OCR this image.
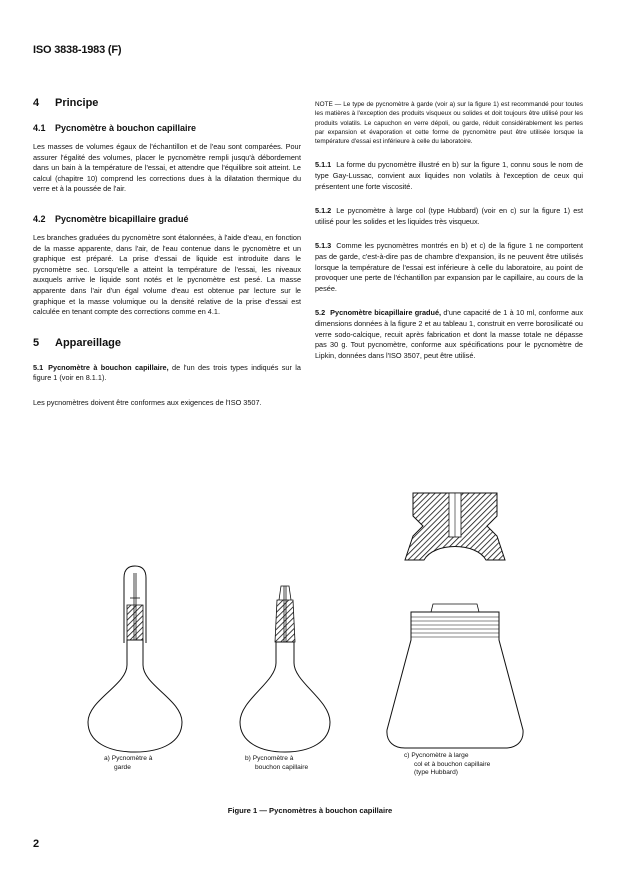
ISO 3838-1983 (F)
4 Principe
4.1 Pycnomètre à bouchon capillaire

Les masses de volumes égaux de l'échantillon et de l'eau sont comparées. Pour assurer l'égalité des volumes, placer le pycnomètre rempli jusqu'à débordement dans un bain à la température de l'essai, et attendre que l'équilibre soit atteint. Le calcul (chapitre 10) comprend les corrections dues à la dilatation thermique du verre et à la poussée de l'air.

4.2 Pycnomètre bicapillaire gradué

Les branches graduées du pycnomètre sont étalonnées, à l'aide d'eau, en fonction de la masse apparente, dans l'air, de l'eau contenue dans le pycnomètre et un graphique est préparé. La prise d'essai de liquide est introduite dans le pycnomètre sec. Lorsqu'elle a atteint la température de l'essai, les niveaux auxquels arrive le liquide sont notés et le pycnomètre est pesé. La masse apparente dans l'air d'un égal volume d'eau est obtenue par lecture sur le graphique et la masse volumique ou la densité relative de la prise d'essai est calculée en tenant compte des corrections comme en 4.1.

5 Appareillage

5.1 Pycnomètre à bouchon capillaire, de l'un des trois types indiqués sur la figure 1 (voir en 8.1.1).

Les pycnomètres doivent être conformes aux exigences de l'ISO 3507.

NOTE — Le type de pycnomètre à garde (voir a) sur la figure 1) est recommandé pour toutes les matières à l'exception des produits visqueux ou solides et doit toujours être utilisé pour les produits volatils. Le capuchon en verre dépoli, ou garde, réduit considérablement les pertes par expansion et évaporation et cette forme de pycnomètre peut être utilisée lorsque la température d'essai est inférieure à celle du laboratoire.

5.1.1 La forme du pycnomètre illustré en b) sur la figure 1, connu sous le nom de type Gay-Lussac, convient aux liquides non volatils à l'exception de ceux qui présentent une forte viscosité.

5.1.2 Le pycnomètre à large col (type Hubbard) (voir en c) sur la figure 1) est utilisé pour les solides et les liquides très visqueux.

5.1.3 Comme les pycnomètres montrés en b) et c) de la figure 1 ne comportent pas de garde, c'est-à-dire pas de chambre d'expansion, ils ne peuvent être utilisés lorsque la température de l'essai est inférieure à celle du laboratoire, au point de provoquer une perte de l'échantillon par expansion par le capillaire, au cours de la pesée.

5.2 Pycnomètre bicapillaire gradué, d'une capacité de 1 à 10 ml, conforme aux dimensions données à la figure 2 et au tableau 1, construit en verre borosilicaté ou verre sodo-calcique, recuit après fabrication et dont la masse totale ne dépasse pas 30 g. Tout pycnomètre, conforme aux spécifications pour le pycnomètre de Lipkin, données dans l'ISO 3507, peut être utilisé.

a) Pycnomètre à
garde
b) Pycnomètre à
bouchon capillaire
c) Pycnomètre à large
col et à bouchon capillaire
(type Hubbard)
Figure 1 — Pycnomètres à bouchon capillaire
2
